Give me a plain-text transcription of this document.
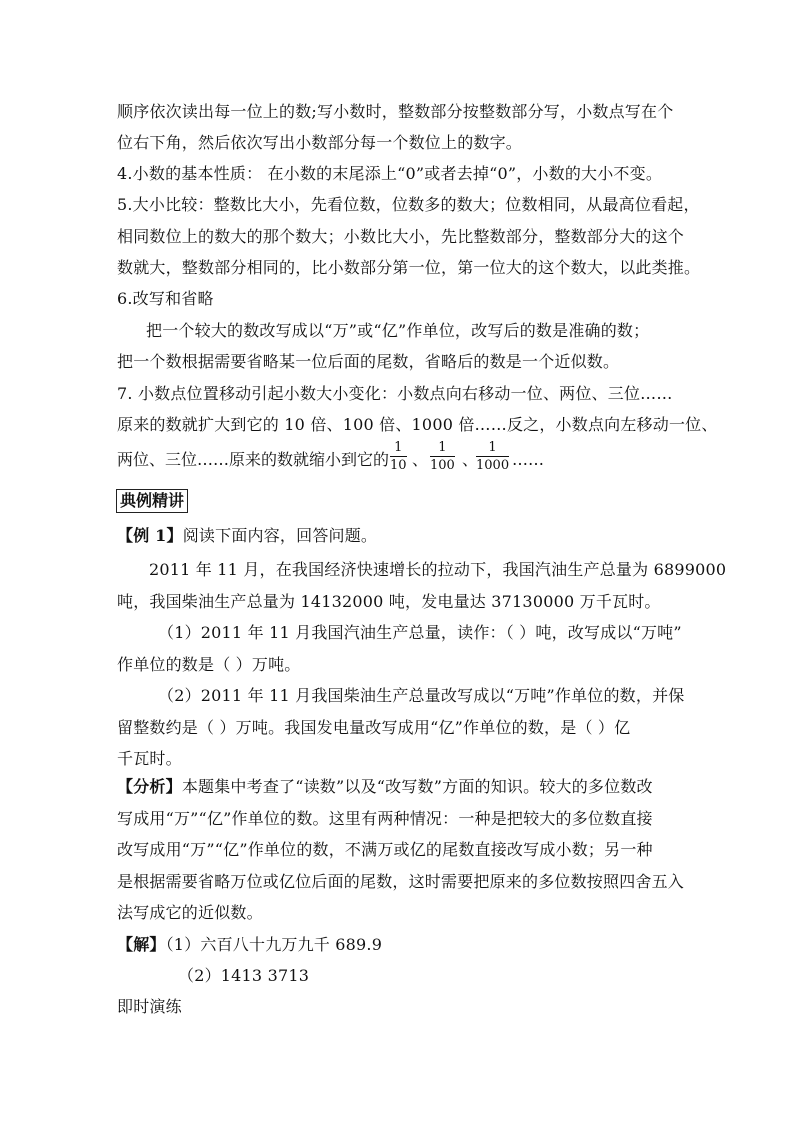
顺序依次读出每一位上的数;写小数时，整数部分按整数部分写，小数点写在个
位右下角，然后依次写出小数部分每一个数位上的数字。
4.小数的基本性质： 在小数的末尾添上“0”或者去掉“0”，小数的大小不变。
5.大小比较：整数比大小，先看位数，位数多的数大；位数相同，从最高位看起，
相同数位上的数大的那个数大；小数比大小，先比整数部分，整数部分大的这个
数就大，整数部分相同的，比小数部分第一位，第一位大的这个数大，以此类推。
6.改写和省略
把一个较大的数改写成以“万”或“亿”作单位，改写后的数是准确的数；
把一个数根据需要省略某一位后面的尾数，省略后的数是一个近似数。
7. 小数点位置移动引起小数大小变化：小数点向右移动一位、两位、三位……
原来的数就扩大到它的 10 倍、100 倍、1000 倍……反之，小数点向左移动一位、
两位、三位……原来的数就缩小到它的 $\frac{1}{10}$ 、 $\frac{1}{100}$ 、
$\frac{1}{1000}$ ……
典例精讲
【例 1】阅读下面内容，回答问题。
2011 年 11 月，在我国经济快速增长的拉动下，我国汽油生产总量为 6899000
吨，我国柴油生产总量为 14132000 吨，发电量达 37130000 万千瓦时。
（1）2011 年 11 月我国汽油生产总量，读作：（ ）吨，改写成以“万吨”
作单位的数是（ ）万吨。
（2）2011 年 11 月我国柴油生产总量改写成以“万吨”作单位的数，并保
留整数约是（ ）万吨。我国发电量改写成用“亿”作单位的数，是（ ）亿
千瓦时。
【分析】本题集中考查了“读数”以及“改写数”方面的知识。较大的多位数改
写成用“万”“亿”作单位的数。这里有两种情况：一种是把较大的多位数直接
改写成用“万”“亿”作单位的数，不满万或亿的尾数直接改写成小数；另一种
是根据需要省略万位或亿位后面的尾数，这时需要把原来的多位数按照四舍五入
法写成它的近似数。
【解】（1）六百八十九万九千 689.9
（2）1413 3713
即时演练
